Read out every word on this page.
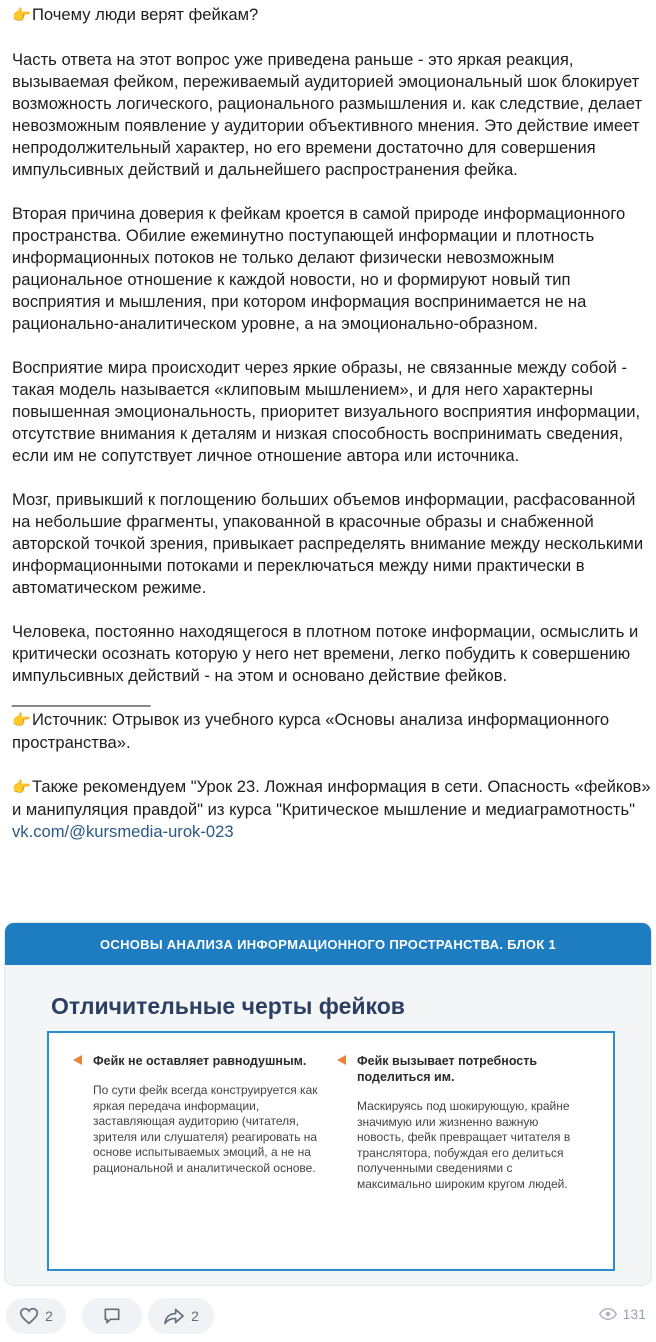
👉Почему люди верят фейкам?

Часть ответа на этот вопрос уже приведена раньше - это яркая реакция, вызываемая фейком, переживаемый аудиторией эмоциональный шок блокирует возможность логического, рационального размышления и. как следствие, делает невозможным появление у аудитории объективного мнения. Это действие имеет непродолжительный характер, но его времени достаточно для совершения импульсивных действий и дальнейшего распространения фейка.

Вторая причина доверия к фейкам кроется в самой природе информационного пространства. Обилие ежеминутно поступающей информации и плотность информационных потоков не только делают физически невозможным рациональное отношение к каждой новости, но и формируют новый тип восприятия и мышления, при котором информация воспринимается не на рационально-аналитическом уровне, а на эмоционально-образном.

Восприятие мира происходит через яркие образы, не связанные между собой - такая модель называется «клиповым мышлением», и для него характерны повышенная эмоциональность, приоритет визуального восприятия информации, отсутствие внимания к деталям и низкая способность воспринимать сведения, если им не сопутствует личное отношение автора или источника.

Мозг, привыкший к поглощению больших объемов информации, расфасованной на небольшие фрагменты, упакованной в красочные образы и снабженной авторской точкой зрения, привыкает распределять внимание между несколькими информационными потоками и переключаться между ними практически в автоматическом режиме.

Человека, постоянно находящегося в плотном потоке информации, осмыслить и критически осознать которую у него нет времени, легко побудить к совершению импульсивных действий - на этом и основано действие фейков.

_______________

👉Источник: Отрывок из учебного курса «Основы анализа информационного пространства».

👉Также рекомендуем "Урок 23. Ложная информация в сети. Опасность «фейков» и манипуляция правдой" из курса "Критическое мышление и медиаграмотность"

vk.com/@kursmedia-urok-023

ОСНОВЫ АНАЛИЗА ИНФОРМАЦИОННОГО ПРОСТРАНСТВА. БЛОК 1
Отличительные черты фейков
Фейк не оставляет равнодушным.
По сути фейк всегда конструируется как яркая передача информации, заставляющая аудиторию (читателя, зрителя или слушателя) реагировать на основе испытываемых эмоций, а не на рациональной и аналитической основе.
Фейк вызывает потребность поделиться им.
Маскируясь под шокирующую, крайне значимую или жизненно важную новость, фейк превращает читателя в транслятора, побуждая его делиться полученными сведениями с максимально широким кругом людей.
2	2	131
